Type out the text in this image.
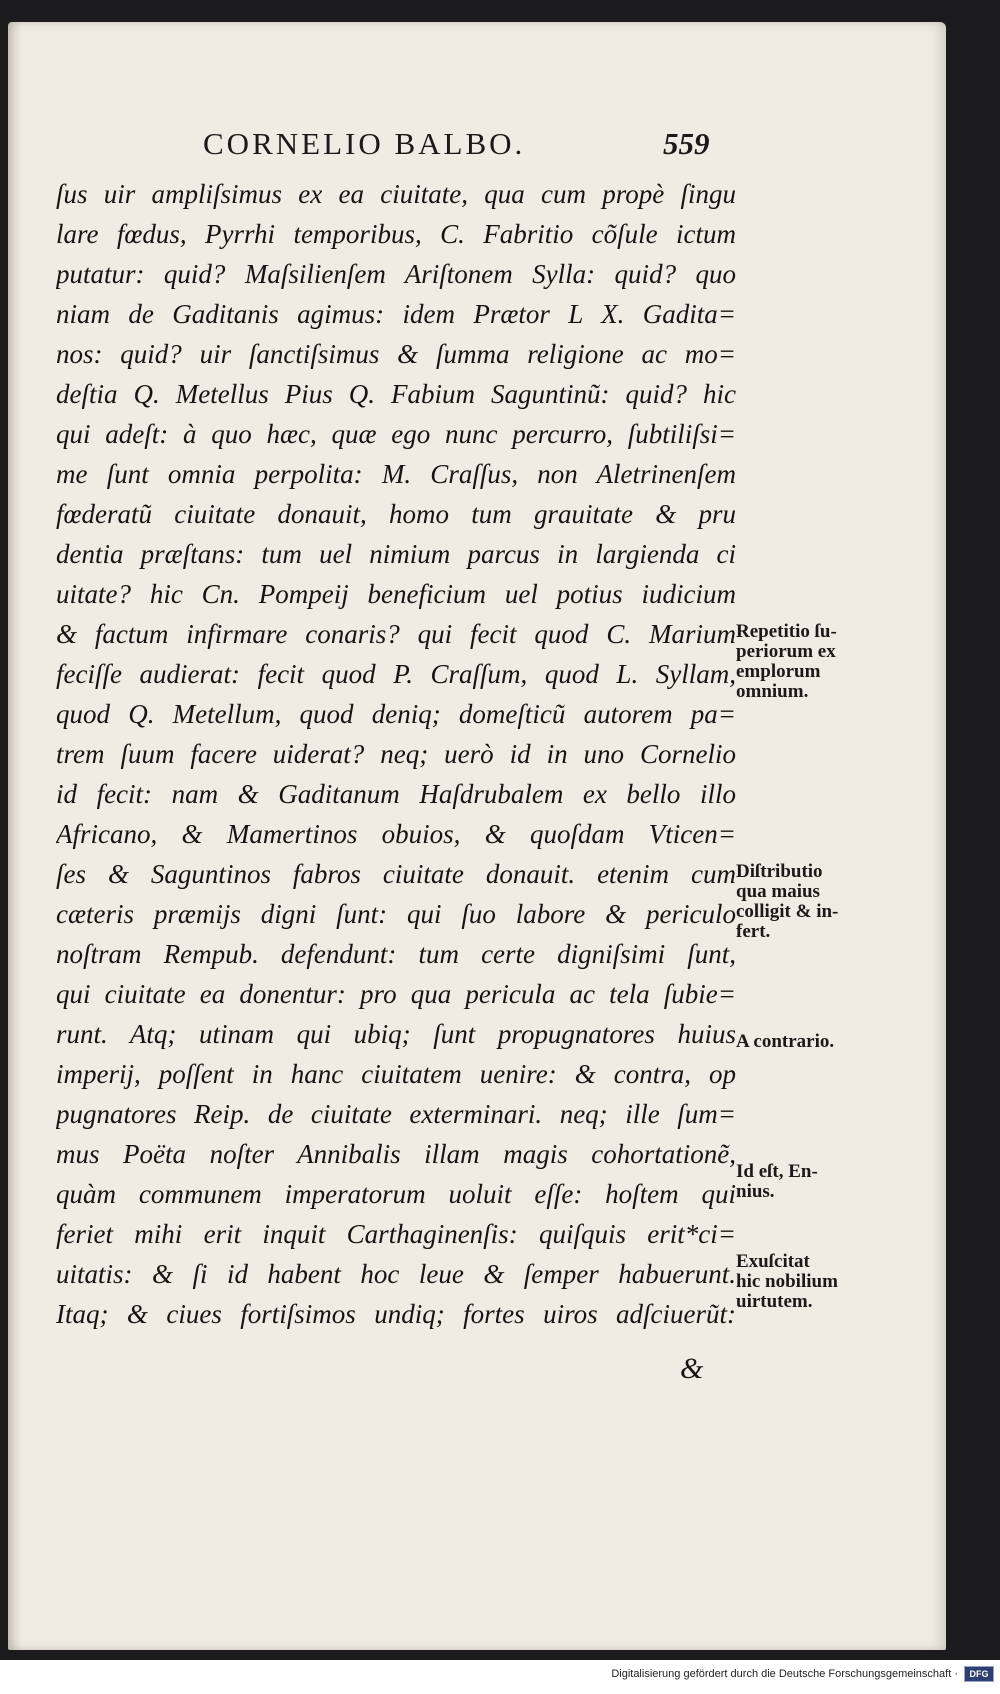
CORNELIO BALBO.	559
ſus uir ampliſsimus ex ea ciuitate, qua cum propè ſingu
lare fœdus, Pyrrhi temporibus, C. Fabritio cõſule ictum
putatur: quid? Maſsilienſem Ariſtonem Sylla: quid? quo
niam de Gaditanis agimus: idem Prætor L X. Gadita=
nos: quid? uir ſanctiſsimus & ſumma religione ac mo=
deſtia Q. Metellus Pius Q. Fabium Saguntinũ: quid? hic
qui adeſt: à quo hæc, quæ ego nunc percurro, ſubtiliſsi=
me ſunt omnia perpolita: M. Craſſus, non Aletrinenſem
fœderatũ ciuitate donauit, homo tum grauitate & pru
dentia præſtans: tum uel nimium parcus in largienda ci
uitate? hic Cn. Pompeij beneficium uel potius iudicium
& factum infirmare conaris? qui fecit quod C. Marium
feciſſe audierat: fecit quod P. Craſſum, quod L. Syllam,
quod Q. Metellum, quod deniq; domeſticũ autorem pa=
trem ſuum facere uiderat? neq; uerò id in uno Cornelio
id fecit: nam & Gaditanum Haſdrubalem ex bello illo
Africano, & Mamertinos obuios, & quoſdam Vticen=
ſes & Saguntinos fabros ciuitate donauit. etenim cum
cæteris præmijs digni ſunt: qui ſuo labore & periculo
noſtram Rempub. defendunt: tum certe digniſsimi ſunt,
qui ciuitate ea donentur: pro qua pericula ac tela ſubie=
runt. Atq; utinam qui ubiq; ſunt propugnatores huius
imperij, poſſent in hanc ciuitatem uenire: & contra, op
pugnatores Reip. de ciuitate exterminari. neq; ille ſum=
mus Poëta noſter Annibalis illam magis cohortationẽ,
quàm communem imperatorum uoluit eſſe: hoſtem qui
feriet mihi erit inquit Carthaginenſis: quiſquis erit*ci=
uitatis: & ſi id habent hoc leue & ſemper habuerunt.
Itaq; & ciues fortiſsimos undiq; fortes uiros adſciuerũt:
&
Repetitio ſu-
periorum ex
emplorum
omnium.
Diſtributio
qua maius
colligit & in-
fert.
A contrario.
Id eſt, En-
nius.
Exuſcitat
hic nobilium
uirtutem.
Digitalisierung gefördert durch die Deutsche Forschungsgemeinschaft ·	DFG
